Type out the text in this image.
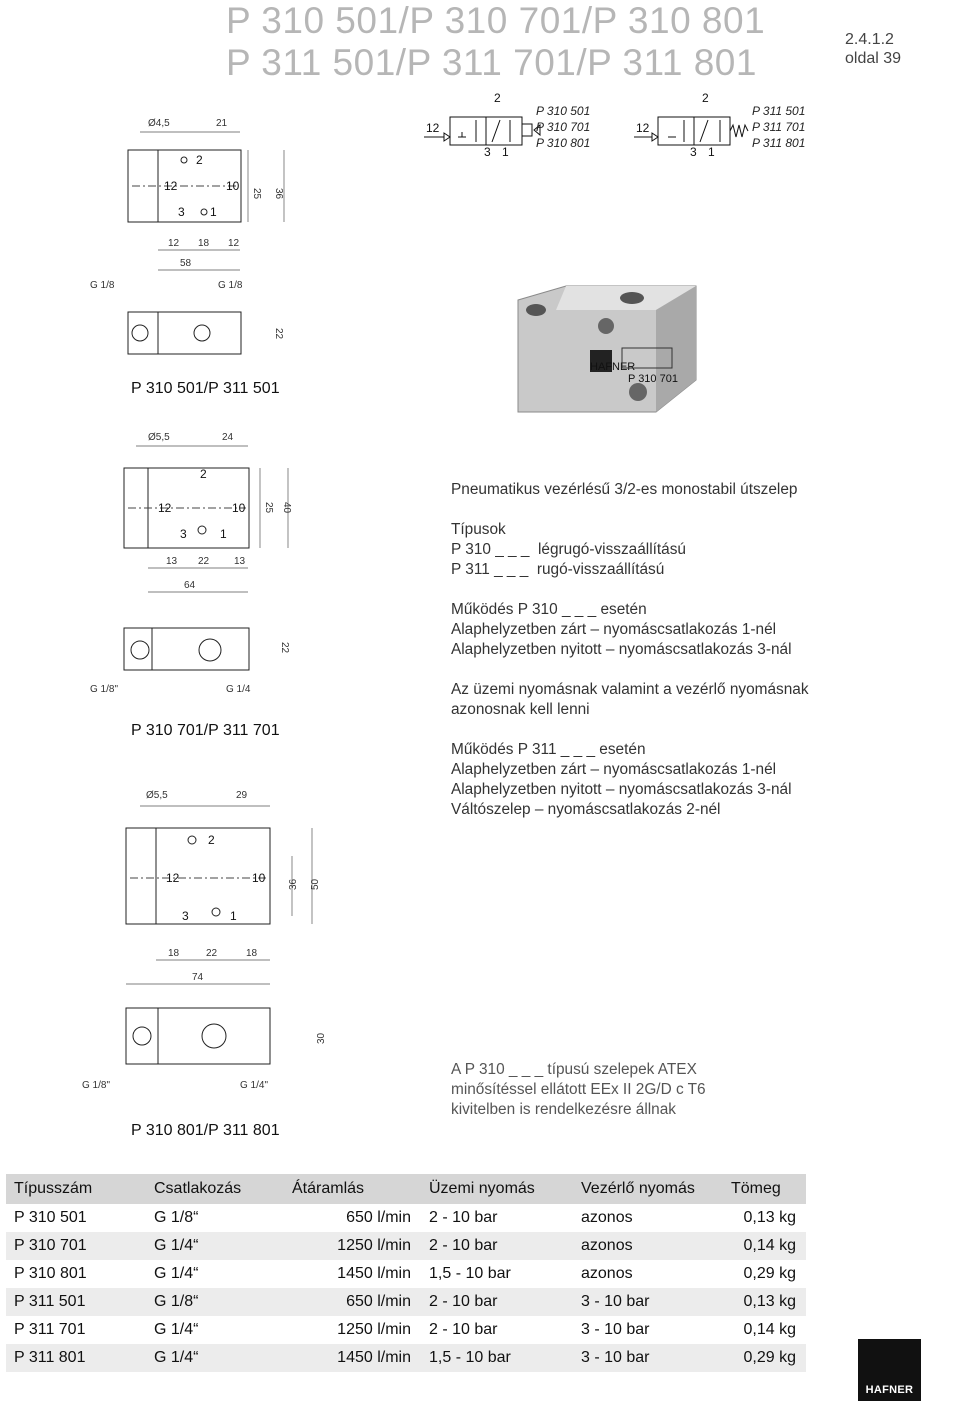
P 310 501/P 310 701/P 310 801
P 311 501/P 311 701/P 311 801
2.4.1.2
oldal 39
12
2
3 1
P 310 501
P 310 701
P 310 801
12
2
3 1
P 311 501
P 311 701
P 311 801
Ø4,5	21
2
12	10
3 1
25 36
12 18 12
58
G 1/8	G 1/8
22
P 310 501/P 311 501
HAFNER
P 310 701
Ø5,5	24
2
12	10
3	1
25 40
13 22 13
64
22
G 1/8"	G 1/4
P 310 701/P 311 701
Ø5,5	29
2
12	10
3	1
36 50
18	22	18
74
30
G 1/8"	G 1/4"
P 310 801/P 311 801

Pneumatikus vezérlésű 3/2-es monostabil útszelep

Típusok

P 310 _ _ _  légrugó-visszaállítású

P 311 _ _ _  rugó-visszaállítású

Működés P 310 _ _ _ esetén

Alaphelyzetben zárt – nyomáscsatlakozás 1-nél

Alaphelyzetben nyitott – nyomáscsatlakozás 3-nál

Az üzemi nyomásnak valamint a vezérlő nyomásnak

azonosnak kell lenni

Működés P 311 _ _ _ esetén

Alaphelyzetben zárt – nyomáscsatlakozás 1-nél

Alaphelyzetben nyitott – nyomáscsatlakozás 3-nál

Váltószelep – nyomáscsatlakozás 2-nél

A P 310 _ _ _ típusú szelepek ATEX
minősítéssel ellátott EEx II 2G/D c T6
kivitelben is rendelkezésre állnak
Típusszám	Csatlakozás	Átáramlás	Üzemi nyomás	Vezérlő nyomás	Tömeg
P 310 501	G 1/8“	650 l/min	2 - 10 bar	azonos	0,13 kg
P 310 701	G 1/4“	1250 l/min	2 - 10 bar	azonos	0,14 kg
P 310 801	G 1/4“	1450 l/min	1,5 - 10 bar	azonos	0,29 kg
P 311 501	G 1/8“	650 l/min	2 - 10 bar	3 - 10 bar	0,13 kg
P 311 701	G 1/4“	1250 l/min	2 - 10 bar	3 - 10 bar	0,14 kg
P 311 801	G 1/4“	1450 l/min	1,5 - 10 bar	3 - 10 bar	0,29 kg
HAFNER
